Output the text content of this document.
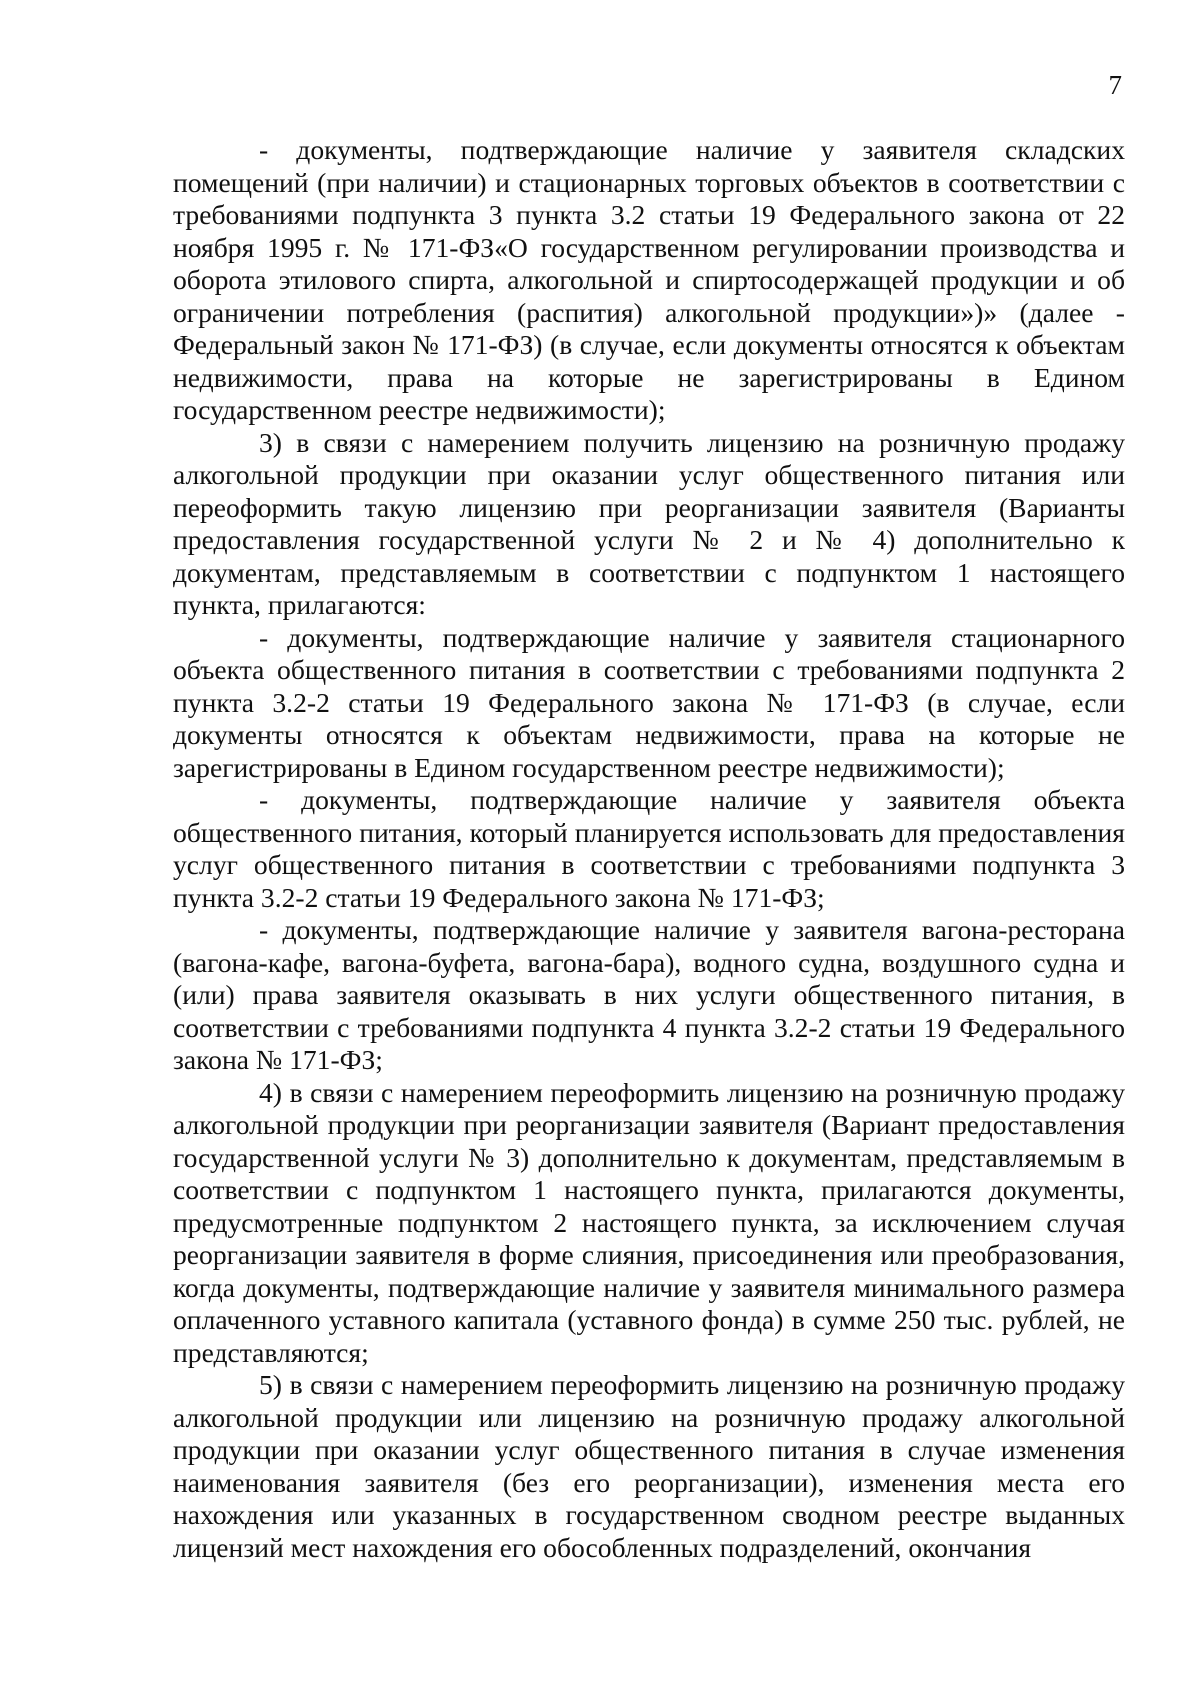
7

- документы, подтверждающие наличие у заявителя складских помещений (при наличии) и стационарных торговых объектов в соответствии с требованиями подпункта 3 пункта 3.2 статьи 19 Федерального закона от 22 ноября 1995 г. № 171-ФЗ«О государственном регулировании производства и оборота этилового спирта, алкогольной и спиртосодержащей продукции и об ограничении потребления (распития) алкогольной продукции»)» (далее - Федеральный закон № 171-ФЗ) (в случае, если документы относятся к объектам недвижимости, права на которые не зарегистрированы в Едином государственном реестре недвижимости);

3) в связи с намерением получить лицензию на розничную продажу алкогольной продукции при оказании услуг общественного питания или переоформить такую лицензию при реорганизации заявителя (Варианты предоставления государственной услуги № 2 и № 4) дополнительно к документам, представляемым в соответствии с подпунктом 1 настоящего пункта, прилагаются:

- документы, подтверждающие наличие у заявителя стационарного объекта общественного питания в соответствии с требованиями подпункта 2 пункта 3.2-2 статьи 19 Федерального закона № 171-ФЗ (в случае, если документы относятся к объектам недвижимости, права на которые не зарегистрированы в Едином государственном реестре недвижимости);

- документы, подтверждающие наличие у заявителя объекта общественного питания, который планируется использовать для предоставления услуг общественного питания в соответствии с требованиями подпункта 3 пункта 3.2-2 статьи 19 Федерального закона № 171-ФЗ;

- документы, подтверждающие наличие у заявителя вагона-ресторана (вагона-кафе, вагона-буфета, вагона-бара), водного судна, воздушного судна и (или) права заявителя оказывать в них услуги общественного питания, в соответствии с требованиями подпункта 4 пункта 3.2-2 статьи 19 Федерального закона № 171-ФЗ;

4) в связи с намерением переоформить лицензию на розничную продажу алкогольной продукции при реорганизации заявителя (Вариант предоставления государственной услуги № 3) дополнительно к документам, представляемым в соответствии с подпунктом 1 настоящего пункта, прилагаются документы, предусмотренные подпунктом 2 настоящего пункта, за исключением случая реорганизации заявителя в форме слияния, присоединения или преобразования, когда документы, подтверждающие наличие у заявителя минимального размера оплаченного уставного капитала (уставного фонда) в сумме 250 тыс. рублей, не представляются;

5) в связи с намерением переоформить лицензию на розничную продажу алкогольной продукции или лицензию на розничную продажу алкогольной продукции при оказании услуг общественного питания в случае изменения наименования заявителя (без его реорганизации), изменения места его нахождения или указанных в государственном сводном реестре выданных лицензий мест нахождения его обособленных подразделений, окончания
